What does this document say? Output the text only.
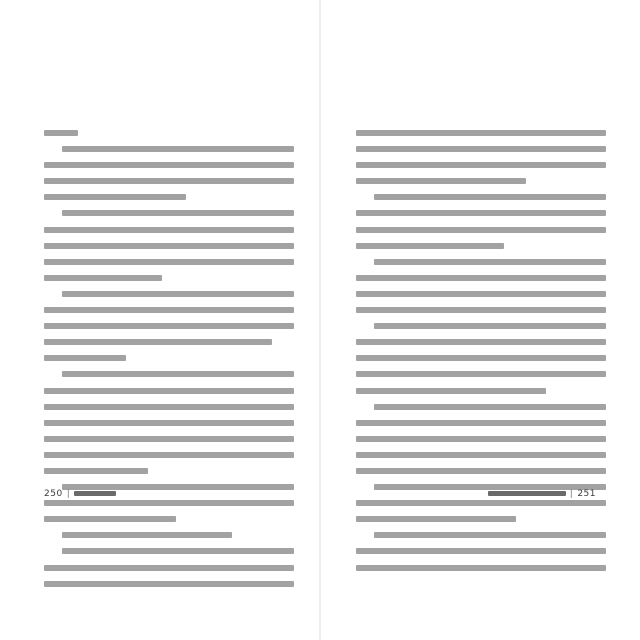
250 |	| 251
